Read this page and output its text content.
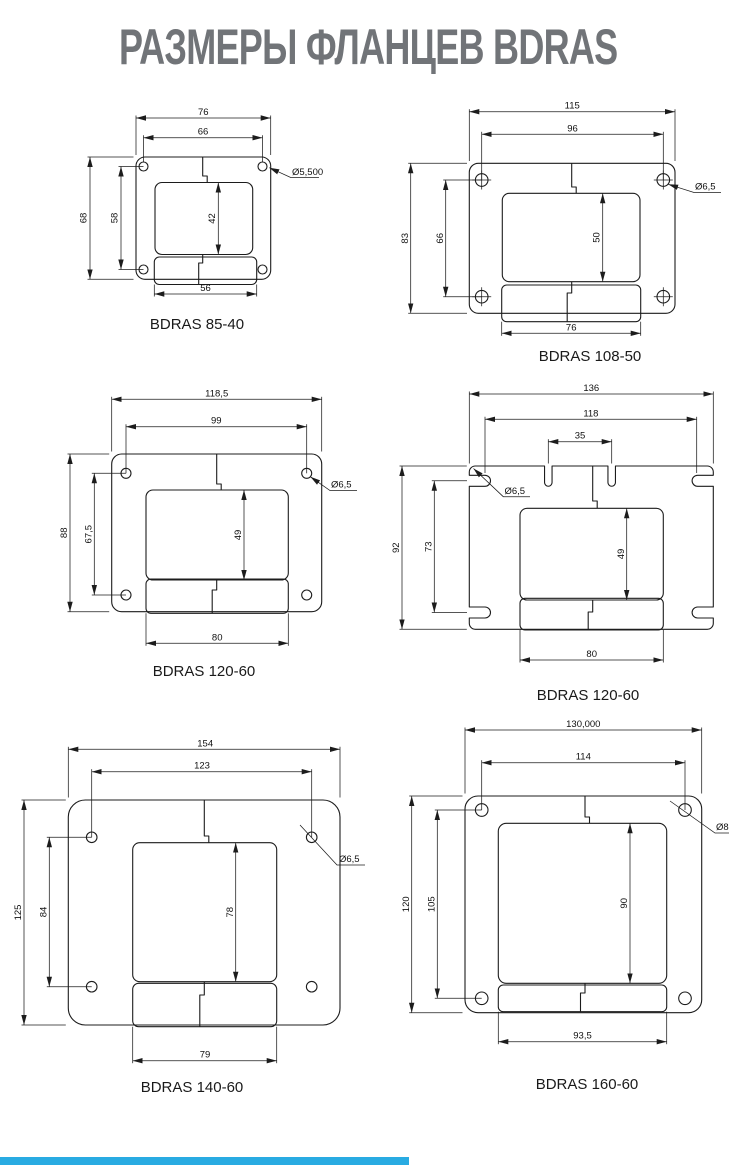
РАЗМЕРЫ ФЛАНЦЕВ BDRAS
76
66
68 58	42
56
Ø5,500
BDRAS 85-40
115
96
83	66	50
76
Ø6,5
BDRAS 108-50
118,5
99
88 67,5	49
80
Ø6,5
BDRAS 120-60
136
118
35
92 73
49
80
Ø6,5
BDRAS 120-60
154
123
125 84	78
79
Ø6,5
BDRAS 140-60
130,000
114
120 105	90
93,5
Ø8
BDRAS 160-60
